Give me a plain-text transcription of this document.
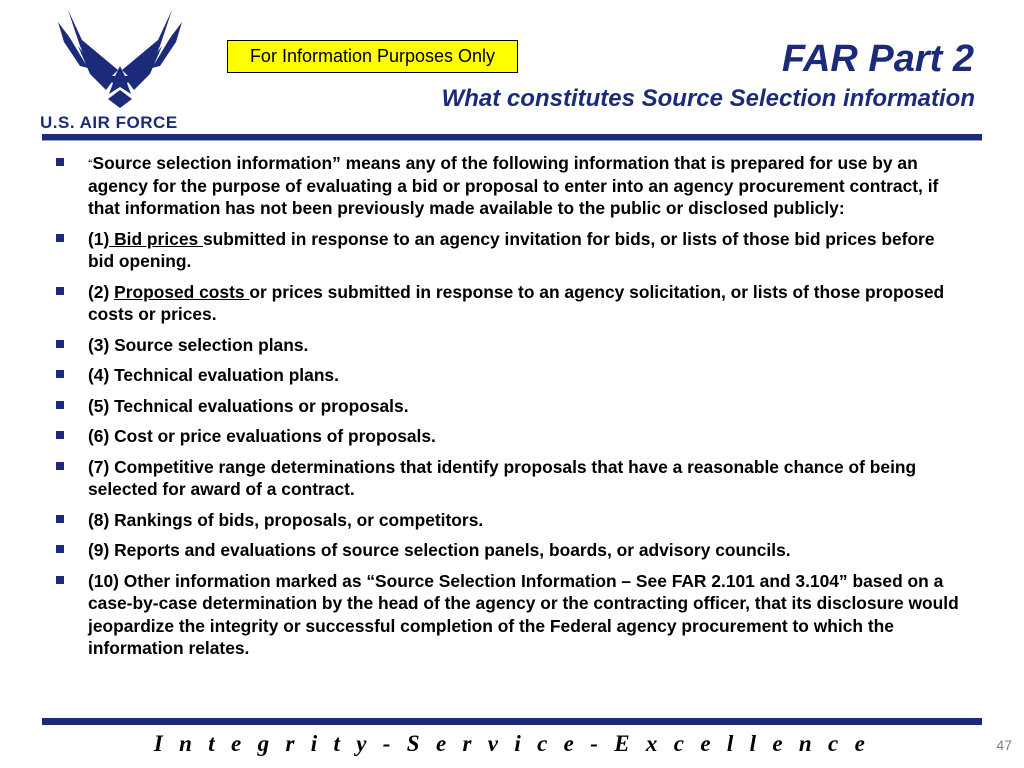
U.S. AIR FORCE
For Information Purposes Only	FAR Part 2
What constitutes Source Selection information
“Source selection information” means any of the following information that is prepared for use by an agency for the purpose of evaluating a bid or proposal to enter into an agency procurement contract, if that information has not been previously made available to the public or disclosed publicly:
(1) Bid prices submitted in response to an agency invitation for bids, or lists of those bid prices before bid opening.
(2) Proposed costs or prices submitted in response to an agency solicitation, or lists of those proposed costs or prices.
(3) Source selection plans.
(4) Technical evaluation plans.
(5) Technical evaluations or proposals.
(6) Cost or price evaluations of proposals.
(7) Competitive range determinations that identify proposals that have a reasonable chance of being selected for award of a contract.
(8) Rankings of bids, proposals, or competitors.
(9) Reports and evaluations of source selection panels, boards, or advisory councils.
(10) Other information marked as “Source Selection Information – See FAR 2.101 and 3.104” based on a case-by-case determination by the head of the agency or the contracting officer, that its disclosure would jeopardize the integrity or successful completion of the Federal agency procurement to which the information relates.
I n t e g r i t y - S e r v i c e - E x c e l l e n c e	47
